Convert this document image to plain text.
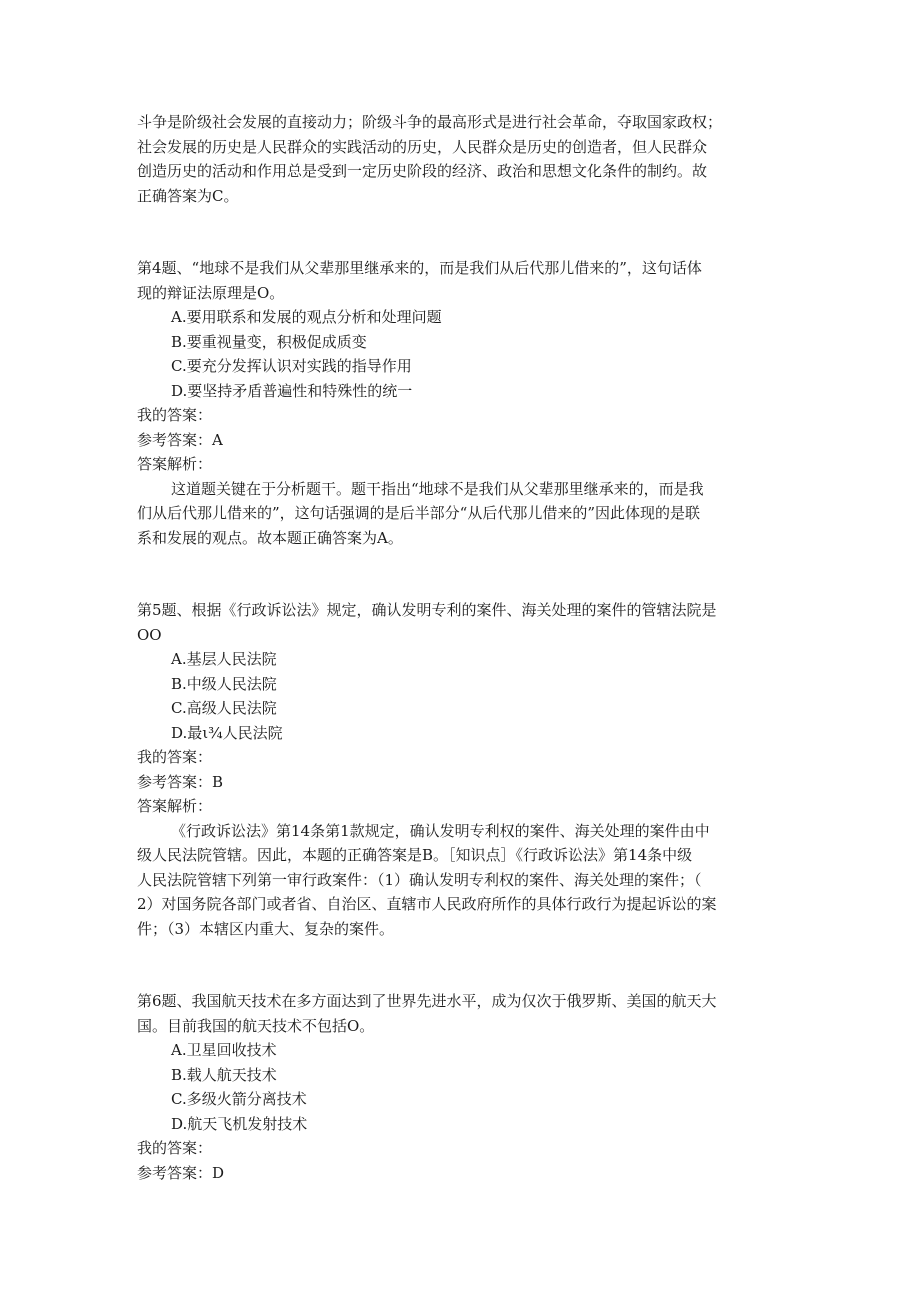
斗争是阶级社会发展的直接动力；阶级斗争的最高形式是进行社会革命，夺取国家政权；
社会发展的历史是人民群众的实践活动的历史，人民群众是历史的创造者，但人民群众
创造历史的活动和作用总是受到一定历史阶段的经济、政治和思想文化条件的制约。故
正确答案为C。
第4题、“地球不是我们从父辈那里继承来的，而是我们从后代那儿借来的”，这句话体
现的辩证法原理是O。
A.要用联系和发展的观点分析和处理问题
B.要重视量变，积极促成质变
C.要充分发挥认识对实践的指导作用
D.要坚持矛盾普遍性和特殊性的统一
我的答案：
参考答案：A
答案解析：
这道题关键在于分析题干。题干指出“地球不是我们从父辈那里继承来的，而是我
们从后代那儿借来的”，这句话强调的是后半部分“从后代那儿借来的”因此体现的是联
系和发展的观点。故本题正确答案为A。
第5题、根据《行政诉讼法》规定，确认发明专利的案件、海关处理的案件的管辖法院是
OO
A.基层人民法院
B.中级人民法院
C.高级人民法院
D.最ι¾人民法院
我的答案：
参考答案：B
答案解析：
《行政诉讼法》第14条第1款规定，确认发明专利权的案件、海关处理的案件由中
级人民法院管辖。因此，本题的正确答案是B。［知识点］《行政诉讼法》第14条中级
人民法院管辖下列第一审行政案件：（1）确认发明专利权的案件、海关处理的案件；（
2）对国务院各部门或者省、自治区、直辖市人民政府所作的具体行政行为提起诉讼的案
件；（3）本辖区内重大、复杂的案件。
第6题、我国航天技术在多方面达到了世界先进水平，成为仅次于俄罗斯、美国的航天大
国。目前我国的航天技术不包括O。
A.卫星回收技术
B.载人航天技术
C.多级火箭分离技术
D.航天飞机发射技术
我的答案：
参考答案：D
